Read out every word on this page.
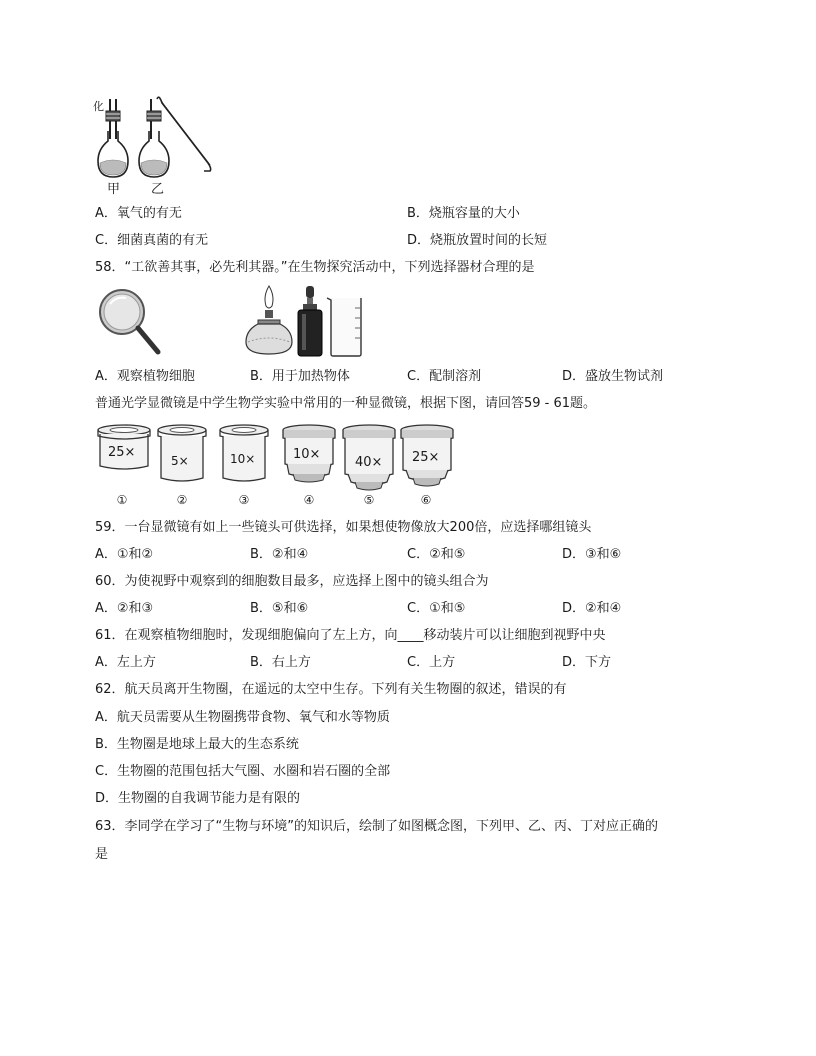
化
甲 乙
A．氧气的有无	B．烧瓶容量的大小
C．细菌真菌的有无	D．烧瓶放置时间的长短
58．“工欲善其事，必先利其器。”在生物探究活动中，下列选择器材合理的是
A．观察植物细胞	B．用于加热物体	C．配制溶剂	D．盛放生物试剂
普通光学显微镜是中学生物学实验中常用的一种显微镜，根据下图，请回答59 - 61题。
25×
5×	10×	10×
40× 25×
①	②	③	④	⑤	⑥
59．一台显微镜有如上一些镜头可供选择，如果想使物像放大200倍，应选择哪组镜头
A．①和②	B．②和④	C．②和⑤	D．③和⑥
60．为使视野中观察到的细胞数目最多，应选择上图中的镜头组合为
A．②和③	B．⑤和⑥	C．①和⑤	D．②和④
61．在观察植物细胞时，发现细胞偏向了左上方，向____移动装片可以让细胞到视野中央
A．左上方	B．右上方	C．上方	D．下方
62．航天员离开生物圈，在遥远的太空中生存。下列有关生物圈的叙述，错误的有
A．航天员需要从生物圈携带食物、氧气和水等物质
B．生物圈是地球上最大的生态系统
C．生物圈的范围包括大气圈、水圈和岩石圈的全部
D．生物圈的自我调节能力是有限的
63．李同学在学习了“生物与环境”的知识后，绘制了如图概念图，下列甲、乙、丙、丁对应正确的
是
